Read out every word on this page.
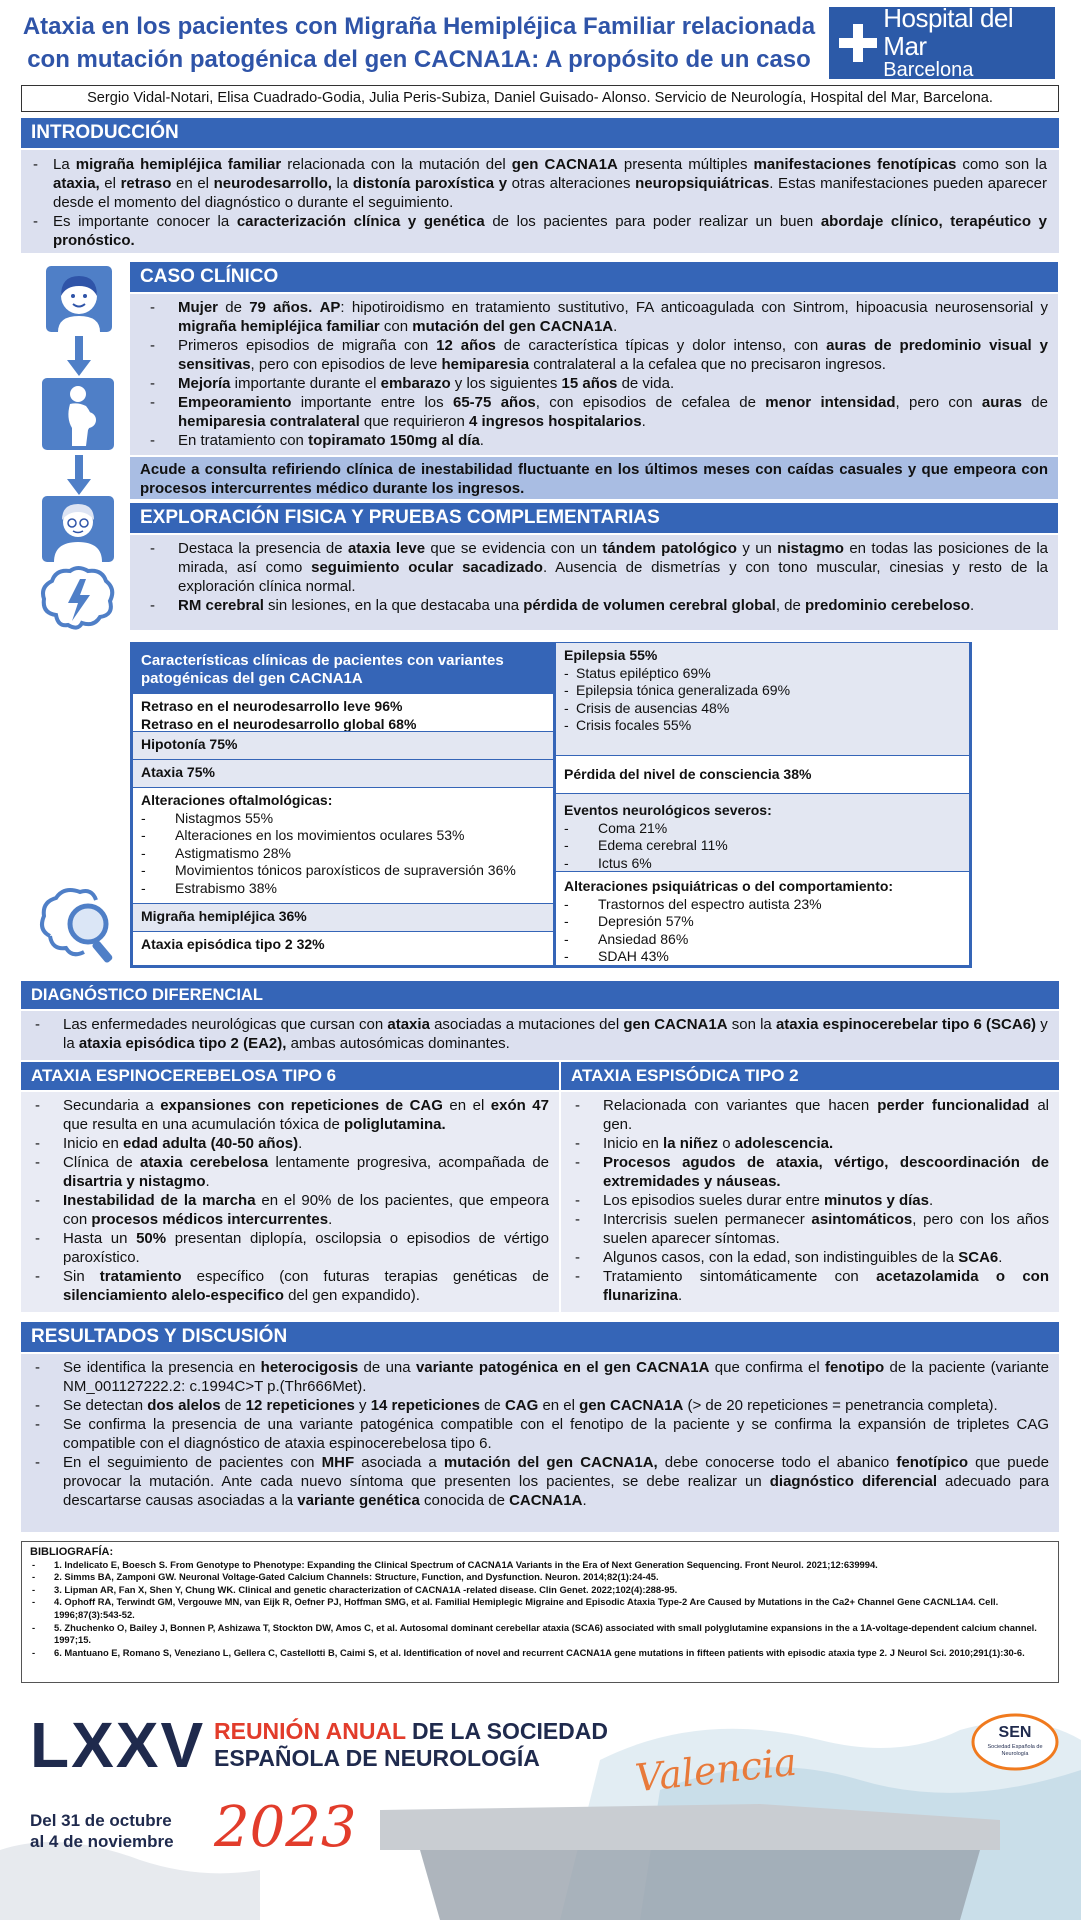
Ataxia en los pacientes con Migraña Hemipléjica Familiar relacionada
con mutación patogénica del gen CACNA1A: A propósito de un caso
Hospital del Mar
Barcelona
Sergio Vidal-Notari, Elisa Cuadrado-Godia, Julia Peris-Subiza, Daniel Guisado- Alonso. Servicio de Neurología, Hospital del Mar, Barcelona.
INTRODUCCIÓN
- La migraña hemipléjica familiar relacionada con la mutación del gen CACNA1A presenta múltiples manifestaciones fenotípicas como son la ataxia, el retraso en el neurodesarrollo, la distonía paroxística y otras alteraciones neuropsiquiátricas. Estas manifestaciones pueden aparecer desde el momento del diagnóstico o durante el seguimiento.
- Es importante conocer la caracterización clínica y genética de los pacientes para poder realizar un buen abordaje clínico, terapéutico y pronóstico.
CASO CLÍNICO
- Mujer de 79 años. AP: hipotiroidismo en tratamiento sustitutivo, FA anticoagulada con Sintrom, hipoacusia neurosensorial y migraña hemipléjica familiar con mutación del gen CACNA1A.
- Primeros episodios de migraña con 12 años de característica típicas y dolor intenso, con auras de predominio visual y sensitivas, pero con episodios de leve hemiparesia contralateral a la cefalea que no precisaron ingresos.
- Mejoría importante durante el embarazo y los siguientes 15 años de vida.
- Empeoramiento importante entre los 65-75 años, con episodios de cefalea de menor intensidad, pero con auras de hemiparesia contralateral que requirieron 4 ingresos hospitalarios.
- En tratamiento con topiramato 150mg al día.
Acude a consulta refiriendo clínica de inestabilidad fluctuante en los últimos meses con caídas casuales y que empeora con procesos intercurrentes médico durante los ingresos.
EXPLORACIÓN FISICA Y PRUEBAS COMPLEMENTARIAS
- Destaca la presencia de ataxia leve que se evidencia con un tándem patológico y un nistagmo en todas las posiciones de la mirada, así como seguimiento ocular sacadizado. Ausencia de dismetrías y con tono muscular, cinesias y resto de la exploración clínica normal.
- RM cerebral sin lesiones, en la que destacaba una pérdida de volumen cerebral global, de predominio cerebeloso.
Características clínicas de pacientes con variantes patogénicas del gen CACNA1A
Retraso en el neurodesarrollo leve 96%
Retraso en el neurodesarrollo global 68%
Hipotonía 75%
Ataxia 75%
Alteraciones oftalmológicas:
- Nistagmos 55%
- Alteraciones en los movimientos oculares 53%
- Astigmatismo 28%
- Movimientos tónicos paroxísticos de supraversión 36%
- Estrabismo 38%
Migraña hemipléjica 36%
Ataxia episódica tipo 2 32%
Epilepsia 55%
- Status epiléptico 69%
- Epilepsia tónica generalizada 69%
- Crisis de ausencias 48%
- Crisis focales 55%
Pérdida del nivel de consciencia 38%
Eventos neurológicos severos:
- Coma 21%
- Edema cerebral 11%
- Ictus 6%
Alteraciones psiquiátricas o del comportamiento:
- Trastornos del espectro autista 23%
- Depresión 57%
- Ansiedad 86%
- SDAH 43%
DIAGNÓSTICO DIFERENCIAL
- Las enfermedades neurológicas que cursan con ataxia asociadas a mutaciones del gen CACNA1A son la ataxia espinocerebelar tipo 6 (SCA6) y la ataxia episódica tipo 2 (EA2), ambas autosómicas dominantes.
ATAXIA ESPINOCEREBELOSA TIPO 6	ATAXIA ESPISÓDICA TIPO 2
- Secundaria a expansiones con repeticiones de CAG en el exón 47 que resulta en una acumulación tóxica de poliglutamina.
- Inicio en edad adulta (40-50 años).
- Clínica de ataxia cerebelosa lentamente progresiva, acompañada de disartria y nistagmo.
- Inestabilidad de la marcha en el 90% de los pacientes, que empeora con procesos médicos intercurrentes.
- Hasta un 50% presentan diplopía, oscilopsia o episodios de vértigo paroxístico.
- Sin tratamiento específico (con futuras terapias genéticas de silenciamiento alelo-especifico del gen expandido).
- Relacionada con variantes que hacen perder funcionalidad al gen.
- Inicio en la niñez o adolescencia.
- Procesos agudos de ataxia, vértigo, descoordinación de extremidades y náuseas.
- Los episodios sueles durar entre minutos y días.
- Intercrisis suelen permanecer asintomáticos, pero con los años suelen aparecer síntomas.
- Algunos casos, con la edad, son indistinguibles de la SCA6.
- Tratamiento sintomáticamente con acetazolamida o con flunarizina.
RESULTADOS Y DISCUSIÓN
- Se identifica la presencia en heterocigosis de una variante patogénica en el gen CACNA1A que confirma el fenotipo de la paciente (variante NM_001127222.2: c.1994C>T p.(Thr666Met).
- Se detectan dos alelos de 12 repeticiones y 14 repeticiones de CAG en el gen CACNA1A (> de 20 repeticiones = penetrancia completa).
- Se confirma la presencia de una variante patogénica compatible con el fenotipo de la paciente y se confirma la expansión de tripletes CAG compatible con el diagnóstico de ataxia espinocerebelosa tipo 6.
- En el seguimiento de pacientes con MHF asociada a mutación del gen CACNA1A, debe conocerse todo el abanico fenotípico que puede provocar la mutación. Ante cada nuevo síntoma que presenten los pacientes, se debe realizar un diagnóstico diferencial adecuado para descartarse causas asociadas a la variante genética conocida de CACNA1A.
BIBLIOGRAFÍA:
- 1. Indelicato E, Boesch S. From Genotype to Phenotype: Expanding the Clinical Spectrum of CACNA1A Variants in the Era of Next Generation Sequencing. Front Neurol. 2021;12:639994.
- 2. Simms BA, Zamponi GW. Neuronal Voltage-Gated Calcium Channels: Structure, Function, and Dysfunction. Neuron. 2014;82(1):24-45.
- 3. Lipman AR, Fan X, Shen Y, Chung WK. Clinical and genetic characterization of CACNA1A -related disease. Clin Genet. 2022;102(4):288-95.
- 4. Ophoff RA, Terwindt GM, Vergouwe MN, van Eijk R, Oefner PJ, Hoffman SMG, et al. Familial Hemiplegic Migraine and Episodic Ataxia Type-2 Are Caused by Mutations in the Ca2+ Channel Gene CACNL1A4. Cell. 1996;87(3):543-52.
- 5. Zhuchenko O, Bailey J, Bonnen P, Ashizawa T, Stockton DW, Amos C, et al. Autosomal dominant cerebellar ataxia (SCA6) associated with small polyglutamine expansions in the a 1A-voltage-dependent calcium channel. 1997;15.
- 6. Mantuano E, Romano S, Veneziano L, Gellera C, Castellotti B, Caimi S, et al. Identification of novel and recurrent CACNA1A gene mutations in fifteen patients with episodic ataxia type 2. J Neurol Sci. 2010;291(1):30-6.
LXXV REUNIÓN ANUAL DE LA SOCIEDAD
ESPAÑOLA DE NEUROLOGÍA
Del 31 de octubre
al 4 de noviembre 2023
Valencia
SEN
Sociedad Española de Neurología
